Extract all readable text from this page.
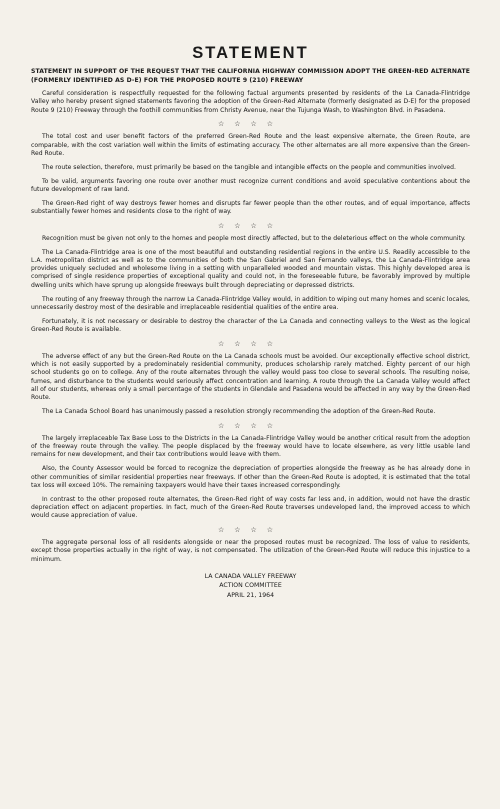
STATEMENT
STATEMENT IN SUPPORT OF THE REQUEST THAT THE CALIFORNIA HIGHWAY COMMISSION ADOPT THE GREEN-RED ALTERNATE (FORMERLY IDENTIFIED AS D-E) FOR THE PROPOSED ROUTE 9 (210) FREEWAY

Careful consideration is respectfully requested for the following factual arguments presented by residents of the La Canada-Flintridge Valley who hereby present signed statements favoring the adoption of the Green-Red Alternate (formerly designated as D-E) for the proposed Route 9 (210) Freeway through the foothill communities from Christy Avenue, near the Tujunga Wash, to Washington Blvd. in Pasadena.

☆☆☆☆

The total cost and user benefit factors of the preferred Green-Red Route and the least expensive alternate, the Green Route, are comparable, with the cost variation well within the limits of estimating accuracy. The other alternates are all more expensive than the Green-Red Route.

The route selection, therefore, must primarily be based on the tangible and intangible effects on the people and communities involved.

To be valid, arguments favoring one route over another must recognize current conditions and avoid speculative contentions about the future development of raw land.

The Green-Red right of way destroys fewer homes and disrupts far fewer people than the other routes, and of equal importance, affects substantially fewer homes and residents close to the right of way.

☆☆☆☆

Recognition must be given not only to the homes and people most directly affected, but to the deleterious effect on the whole community.

The La Canada-Flintridge area is one of the most beautiful and outstanding residential regions in the entire U.S. Readily accessible to the L.A. metropolitan district as well as to the communities of both the San Gabriel and San Fernando valleys, the La Canada-Flintridge area provides uniquely secluded and wholesome living in a setting with unparalleled wooded and mountain vistas. This highly developed area is comprised of single residence properties of exceptional quality and could not, in the foreseeable future, be favorably improved by multiple dwelling units which have sprung up alongside freeways built through depreciating or depressed districts.

The routing of any freeway through the narrow La Canada-Flintridge Valley would, in addition to wiping out many homes and scenic locales, unnecessarily destroy most of the desirable and irreplaceable residential qualities of the entire area.

Fortunately, it is not necessary or desirable to destroy the character of the La Canada and connecting valleys to the West as the logical Green-Red Route is available.

☆☆☆☆

The adverse effect of any but the Green-Red Route on the La Canada schools must be avoided. Our exceptionally effective school district, which is not easily supported by a predominately residential community, produces scholarship rarely matched. Eighty percent of our high school students go on to college. Any of the route alternates through the valley would pass too close to several schools. The resulting noise, fumes, and disturbance to the students would seriously affect concentration and learning. A route through the La Canada Valley would affect all of our students, whereas only a small percentage of the students in Glendale and Pasadena would be affected in any way by the Green-Red Route.

The La Canada School Board has unanimously passed a resolution strongly recommending the adoption of the Green-Red Route.

☆☆☆☆

The largely irreplaceable Tax Base Loss to the Districts in the La Canada-Flintridge Valley would be another critical result from the adoption of the freeway route through the valley. The people displaced by the freeway would have to locate elsewhere, as very little usable land remains for new development, and their tax contributions would leave with them.

Also, the County Assessor would be forced to recognize the depreciation of properties alongside the freeway as he has already done in other communities of similar residential properties near freeways. If other than the Green-Red Route is adopted, it is estimated that the total tax loss will exceed 10%. The remaining taxpayers would have their taxes increased correspondingly.

In contrast to the other proposed route alternates, the Green-Red right of way costs far less and, in addition, would not have the drastic depreciation effect on adjacent properties. In fact, much of the Green-Red Route traverses undeveloped land, the improved access to which would cause appreciation of value.

☆☆☆☆

The aggregate personal loss of all residents alongside or near the proposed routes must be recognized. The loss of value to residents, except those properties actually in the right of way, is not compensated. The utilization of the Green-Red Route will reduce this injustice to a minimum.

LA CANADA VALLEY FREEWAY
ACTION COMMITTEE
APRIL 21, 1964
